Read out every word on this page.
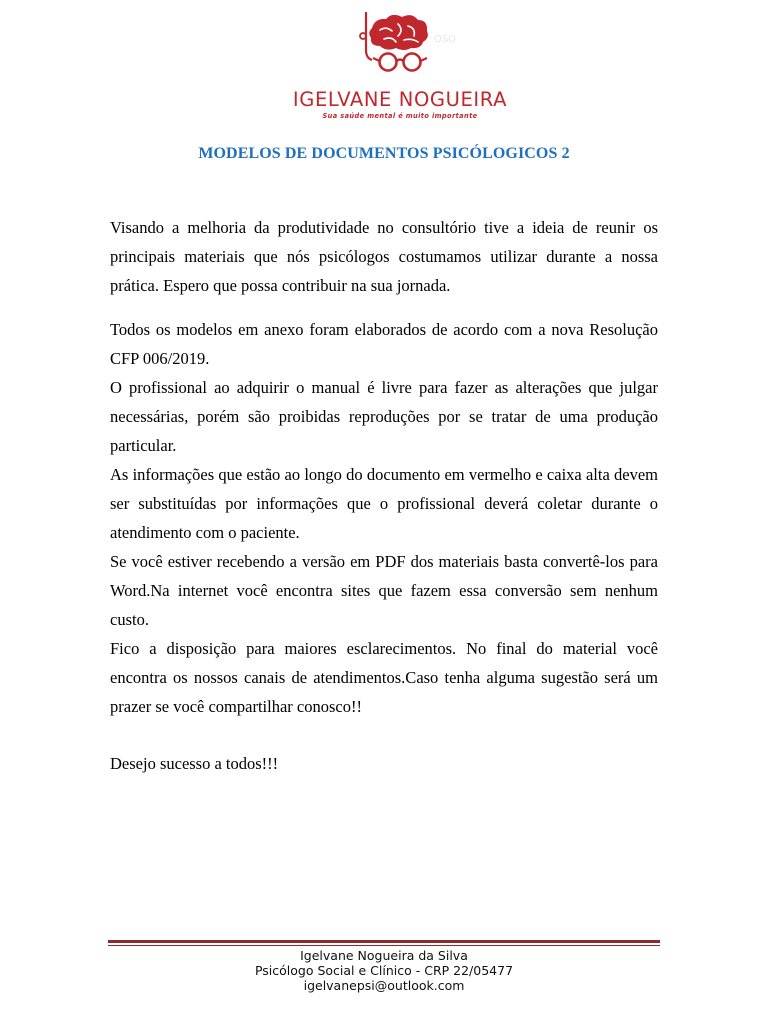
OSO
IGELVANE NOGUEIRA
Sua saúde mental é muito importante
MODELOS DE DOCUMENTOS PSICÓLOGICOS 2

Visando a melhoria da produtividade no consultório tive a ideia de reunir os principais materiais que nós psicólogos costumamos utilizar durante a nossa prática. Espero que possa contribuir na sua jornada.

Todos os modelos em anexo foram elaborados de acordo com a nova Resolução CFP 006/2019.

O profissional ao adquirir o manual é livre para fazer as alterações que julgar necessárias, porém são proibidas reproduções por se tratar de uma produção particular.

As informações que estão ao longo do documento em vermelho e caixa alta devem ser substituídas por informações que o profissional deverá coletar durante o atendimento com o paciente.

Se você estiver recebendo a versão em PDF dos materiais basta convertê-los para Word.Na internet você encontra sites que fazem essa conversão sem nenhum custo.

Fico a disposição para maiores esclarecimentos. No final do material você encontra os nossos canais de atendimentos.Caso tenha alguma sugestão será um prazer se você compartilhar conosco!!

Desejo sucesso a todos!!!

Igelvane Nogueira da Silva
Psicólogo Social e Clínico - CRP 22/05477
igelvanepsi@outlook.com
